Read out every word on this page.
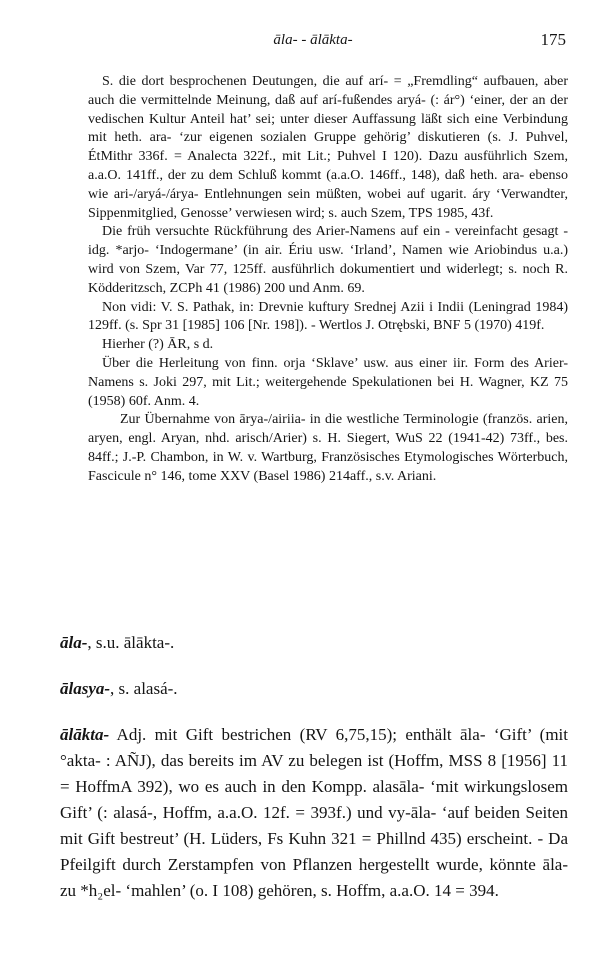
āla- - ālākta-	175

S. die dort besprochenen Deutungen, die auf arí- = „Fremdling“ aufbauen, aber auch die vermittelnde Meinung, daß auf arí-fußendes aryá- (: ár°) ‘einer, der an der vedischen Kultur Anteil hat’ sei; unter dieser Auffassung läßt sich eine Verbindung mit heth. ara- ‘zur eigenen sozialen Gruppe gehörig’ diskutieren (s. J. Puhvel, ÉtMithr 336f. = Analecta 322f., mit Lit.; Puhvel I 120). Dazu ausführlich Szem, a.a.O. 141ff., der zu dem Schluß kommt (a.a.O. 146ff., 148), daß heth. ara- ebenso wie ari-/aryá-/árya- Entlehnungen sein müßten, wobei auf ugarit. áry ‘Verwandter, Sippenmitglied, Genosse’ verwiesen wird; s. auch Szem, TPS 1985, 43f.

Die früh versuchte Rückführung des Arier-Namens auf ein - vereinfacht gesagt - idg. *arjo- ‘Indogermane’ (in air. Ériu usw. ‘Irland’, Namen wie Ariobindus u.a.) wird von Szem, Var 77, 125ff. ausführlich dokumentiert und widerlegt; s. noch R. Ködderitzsch, ZCPh 41 (1986) 200 und Anm. 69.

Non vidi: V. S. Pathak, in: Drevnie kuftury Srednej Azii i Indii (Leningrad 1984) 129ff. (s. Spr 31 [1985] 106 [Nr. 198]). - Wertlos J. Otrębski, BNF 5 (1970) 419f.

Hierher (?) ĀR, s d.

Über die Herleitung von finn. orja ‘Sklave’ usw. aus einer iir. Form des Arier-Namens s. Joki 297, mit Lit.; weitergehende Spekulationen bei H. Wagner, KZ 75 (1958) 60f. Anm. 4.

Zur Übernahme von ārya-/airiia- in die westliche Terminologie (französ. arien, aryen, engl. Aryan, nhd. arisch/Arier) s. H. Siegert, WuS 22 (1941-42) 73ff., bes. 84ff.; J.-P. Chambon, in W. v. Wartburg, Französisches Etymologisches Wörterbuch, Fascicule n° 146, tome XXV (Basel 1986) 214aff., s.v. Ariani.

āla-, s.u. ālākta-.

ālasya-, s. alasá-.

ālākta- Adj. mit Gift bestrichen (RV 6,75,15); enthält āla- ‘Gift’ (mit °akta- : AÑJ), das bereits im AV zu belegen ist (Hoffm, MSS 8 [1956] 11 = HoffmA 392), wo es auch in den Kompp. alasāla- ‘mit wirkungslosem Gift’ (: alasá-, Hoffm, a.a.O. 12f. = 393f.) und vy-āla- ‘auf beiden Seiten mit Gift bestreut’ (H. Lüders, Fs Kuhn 321 = Phillnd 435) erscheint. - Da Pfeilgift durch Zerstampfen von Pflanzen hergestellt wurde, könnte āla- zu *h₂el- ‘mahlen’ (o. I 108) gehören, s. Hoffm, a.a.O. 14 = 394.
